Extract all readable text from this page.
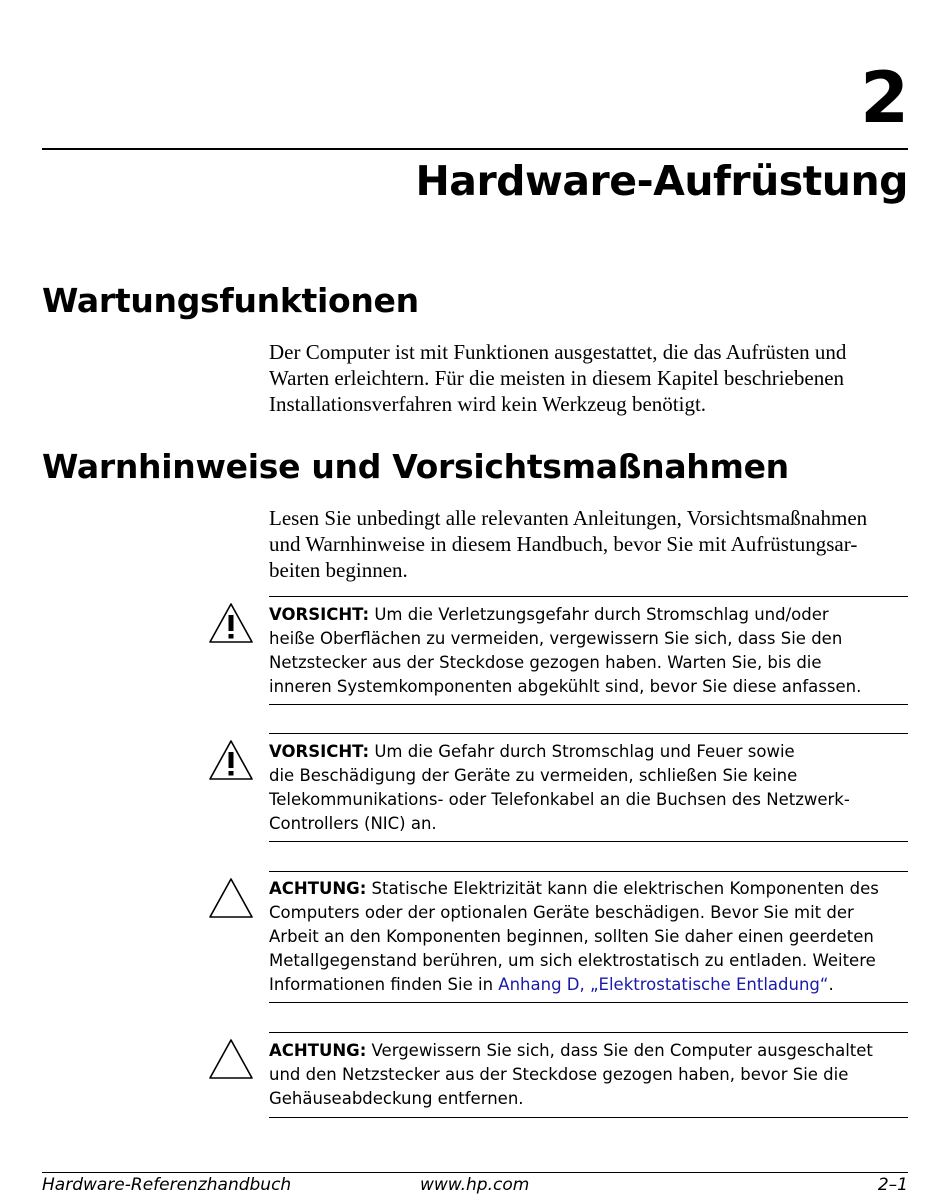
2
Hardware-Aufrüstung
Wartungsfunktionen
Der Computer ist mit Funktionen ausgestattet, die das Aufrüsten und
Warten erleichtern. Für die meisten in diesem Kapitel beschriebenen
Installationsverfahren wird kein Werkzeug benötigt.
Warnhinweise und Vorsichtsmaßnahmen
Lesen Sie unbedingt alle relevanten Anleitungen, Vorsichtsmaßnahmen
und Warnhinweise in diesem Handbuch, bevor Sie mit Aufrüstungsar-
beiten beginnen.
VORSICHT: Um die Verletzungsgefahr durch Stromschlag und/oder
heiße Oberflächen zu vermeiden, vergewissern Sie sich, dass Sie den
Netzstecker aus der Steckdose gezogen haben. Warten Sie, bis die
inneren Systemkomponenten abgekühlt sind, bevor Sie diese anfassen.
VORSICHT: Um die Gefahr durch Stromschlag und Feuer sowie
die Beschädigung der Geräte zu vermeiden, schließen Sie keine
Telekommunikations- oder Telefonkabel an die Buchsen des Netzwerk-
Controllers (NIC) an.
ACHTUNG: Statische Elektrizität kann die elektrischen Komponenten des
Computers oder der optionalen Geräte beschädigen. Bevor Sie mit der
Arbeit an den Komponenten beginnen, sollten Sie daher einen geerdeten
Metallgegenstand berühren, um sich elektrostatisch zu entladen. Weitere
Informationen finden Sie in Anhang D, „Elektrostatische Entladung“.
ACHTUNG: Vergewissern Sie sich, dass Sie den Computer ausgeschaltet
und den Netzstecker aus der Steckdose gezogen haben, bevor Sie die
Gehäuseabdeckung entfernen.
Hardware-Referenzhandbuch	www.hp.com	2–1
